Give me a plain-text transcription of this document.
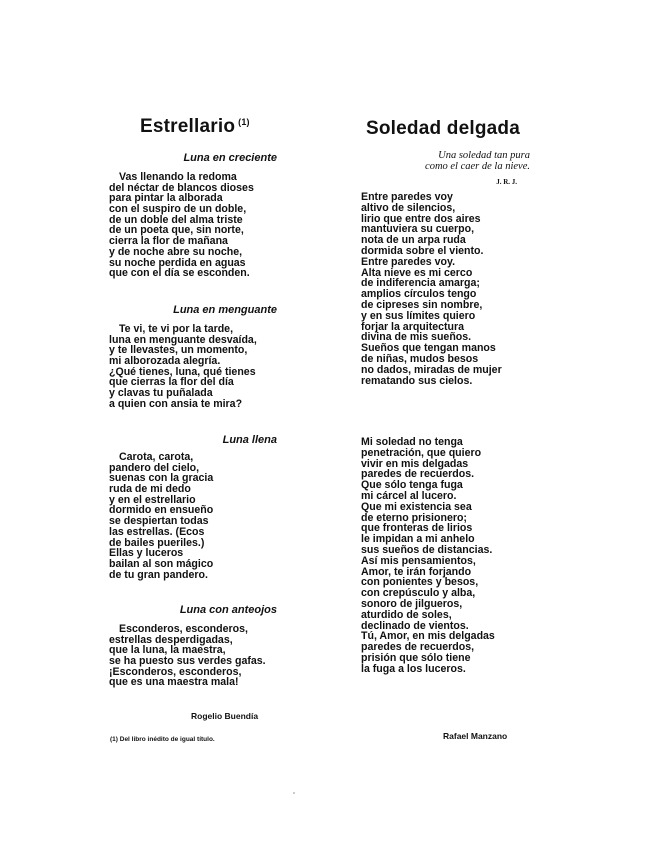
Estrellario $^{(1)}$
Luna en creciente
Vas llenando la redoma
del néctar de blancos dioses
para pintar la alborada
con el suspiro de un doble,
de un doble del alma triste
de un poeta que, sin norte,
cierra la flor de mañana
y de noche abre su noche,
su noche perdida en aguas
que con el día se esconden.
Luna en menguante
Te vi, te vi por la tarde,
luna en menguante desvaída,
y te llevastes, un momento,
mi alborozada alegría.
¿Qué tienes, luna, qué tienes
que cierras la flor del día
y clavas tu puñalada
a quien con ansia te mira?
Luna llena
Carota, carota,
pandero del cielo,
suenas con la gracia
ruda de mi dedo
y en el estrellario
dormido en ensueño
se despiertan todas
las estrellas. (Ecos
de bailes pueriles.)
Ellas y luceros
bailan al son mágico
de tu gran pandero.
Luna con anteojos
Esconderos, esconderos,
estrellas desperdigadas,
que la luna, la maestra,
se ha puesto sus verdes gafas.
¡Esconderos, esconderos,
que es una maestra mala!
Rogelio Buendía
(1) Del libro inédito de igual título.
Soledad delgada
Una soledad tan pura
como el caer de la nieve.
J. R. J.
Entre paredes voy
altivo de silencios,
lirio que entre dos aires
mantuviera su cuerpo,
nota de un arpa ruda
dormida sobre el viento.
Entre paredes voy.
Alta nieve es mi cerco
de indiferencia amarga;
amplios círculos tengo
de cipreses sin nombre,
y en sus límites quiero
forjar la arquitectura
divina de mis sueños.
Sueños que tengan manos
de niñas, mudos besos
no dados, miradas de mujer
rematando sus cielos.
Mi soledad no tenga
penetración, que quiero
vivir en mis delgadas
paredes de recuerdos.
Que sólo tenga fuga
mi cárcel al lucero.
Que mi existencia sea
de eterno prisionero;
que fronteras de lirios
le impidan a mi anhelo
sus sueños de distancias.
Así mis pensamientos,
Amor, te irán forjando
con ponientes y besos,
con crepúsculo y alba,
sonoro de jilgueros,
aturdido de soles,
declinado de vientos.
Tú, Amor, en mis delgadas
paredes de recuerdos,
prisión que sólo tiene
la fuga a los luceros.
Rafael Manzano
